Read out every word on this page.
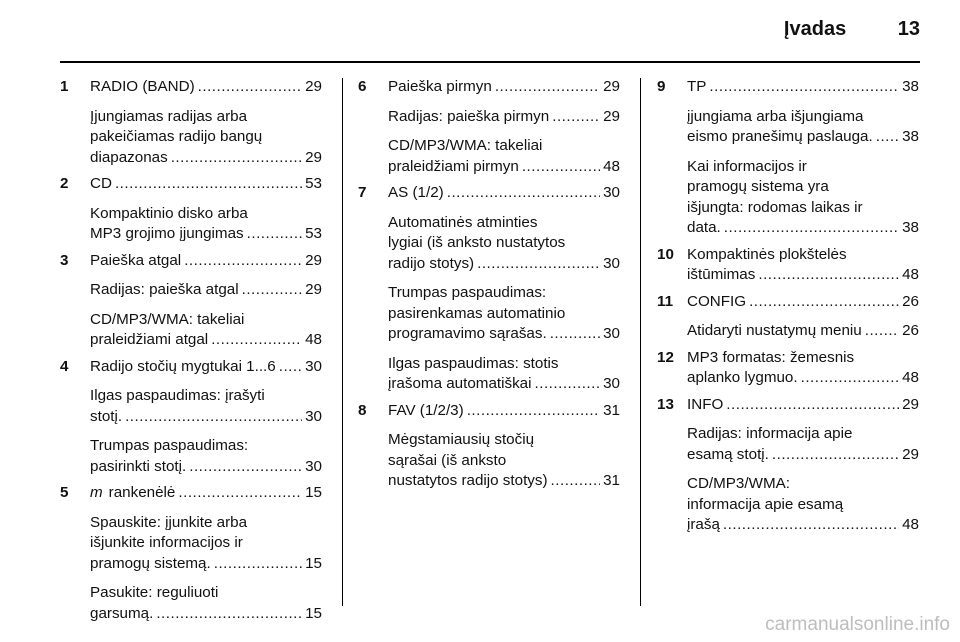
Įvadas	13
1 RADIO (BAND) .....	29
Įjungiamas radijas arba
pakeičiamas radijo bangų
diapazonas .....	29
2 CD .....	53
Kompaktinio disko arba
MP3 grojimo įjungimas .....	53
3 Paieška atgal .....	29
Radijas: paieška atgal .....	29
CD/MP3/WMA: takeliai
praleidžiami atgal .....	48
4 Radijo stočių mygtukai 1...6 ..... 30
Ilgas paspaudimas: įrašyti
stotį. .....	30
Trumpas paspaudimas:
pasirinkti stotį. .....	30
5 m rankenėlė .....	15
Spauskite: įjunkite arba
išjunkite informacijos ir
pramogų sistemą. .....	15
Pasukite: reguliuoti
garsumą. .....	15
6 Paieška pirmyn .....	29
Radijas: paieška pirmyn .....	29
CD/MP3/WMA: takeliai
praleidžiami pirmyn .....	48
7 AS (1/2) .....	30
Automatinės atminties
lygiai (iš anksto nustatytos
radijo stotys) .....	30
Trumpas paspaudimas:
pasirenkamas automatinio
programavimo sąrašas. .....	30
Ilgas paspaudimas: stotis
įrašoma automatiškai .....	30
8 FAV (1/2/3) .....	31
Mėgstamiausių stočių
sąrašai (iš anksto
nustatytos radijo stotys) .....	31
9 TP .....	38
įjungiama arba išjungiama
eismo pranešimų paslauga. ..... 38
Kai informacijos ir
pramogų sistema yra
išjungta: rodomas laikas ir
data. .....	38
10 Kompaktinės plokštelės
ištūmimas .....	48
11 CONFIG .....	26
Atidaryti nustatymų meniu .....	26
12 MP3 formatas: žemesnis
aplanko lygmuo. .....	48
13 INFO .....	29
Radijas: informacija apie
esamą stotį. .....	29
CD/MP3/WMA:
informacija apie esamą
įrašą .....	48
carmanualsonline.info
